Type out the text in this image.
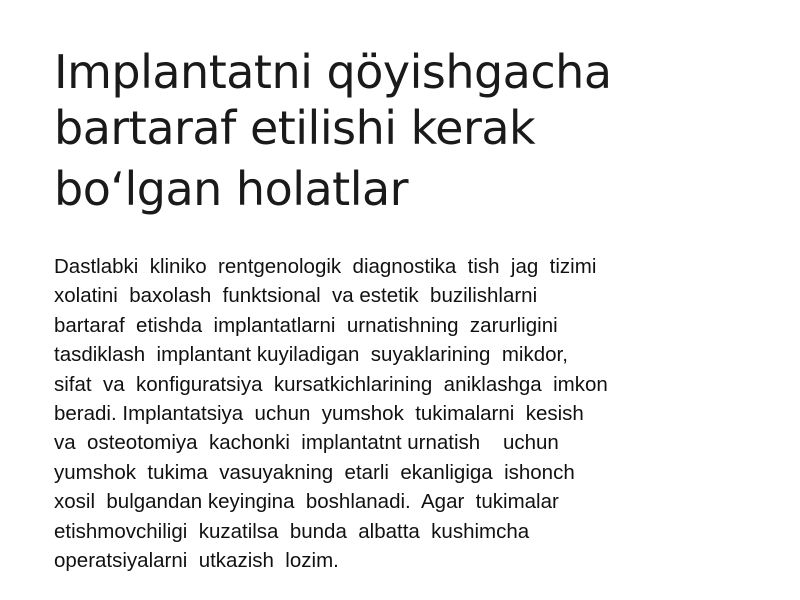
Implantatni qöyishgacha
bartaraf etilishi kerak
bo‘lgan holatlar
Dastlabki  kliniko  rentgenologik  diagnostika  tish  jag  tizimi
xolatini  baxolash  funktsional  va estetik  buzilishlarni
bartaraf  etishda  implantatlarni  urnatishning  zarurligini
tasdiklash  implantant kuyiladigan  suyaklarining  mikdor,
sifat  va  konfiguratsiya  kursatkichlarining  aniklashga  imkon
beradi. Implantatsiya  uchun  yumshok  tukimalarni  kesish
va  osteotomiya  kachonki  implantatnt urnatish    uchun
yumshok  tukima  vasuyakning  etarli  ekanligiga  ishonch
xosil  bulgandan keyingina  boshlanadi.  Agar  tukimalar
etishmovchiligi  kuzatilsa  bunda  albatta  kushimcha
operatsiyalarni  utkazish  lozim.
